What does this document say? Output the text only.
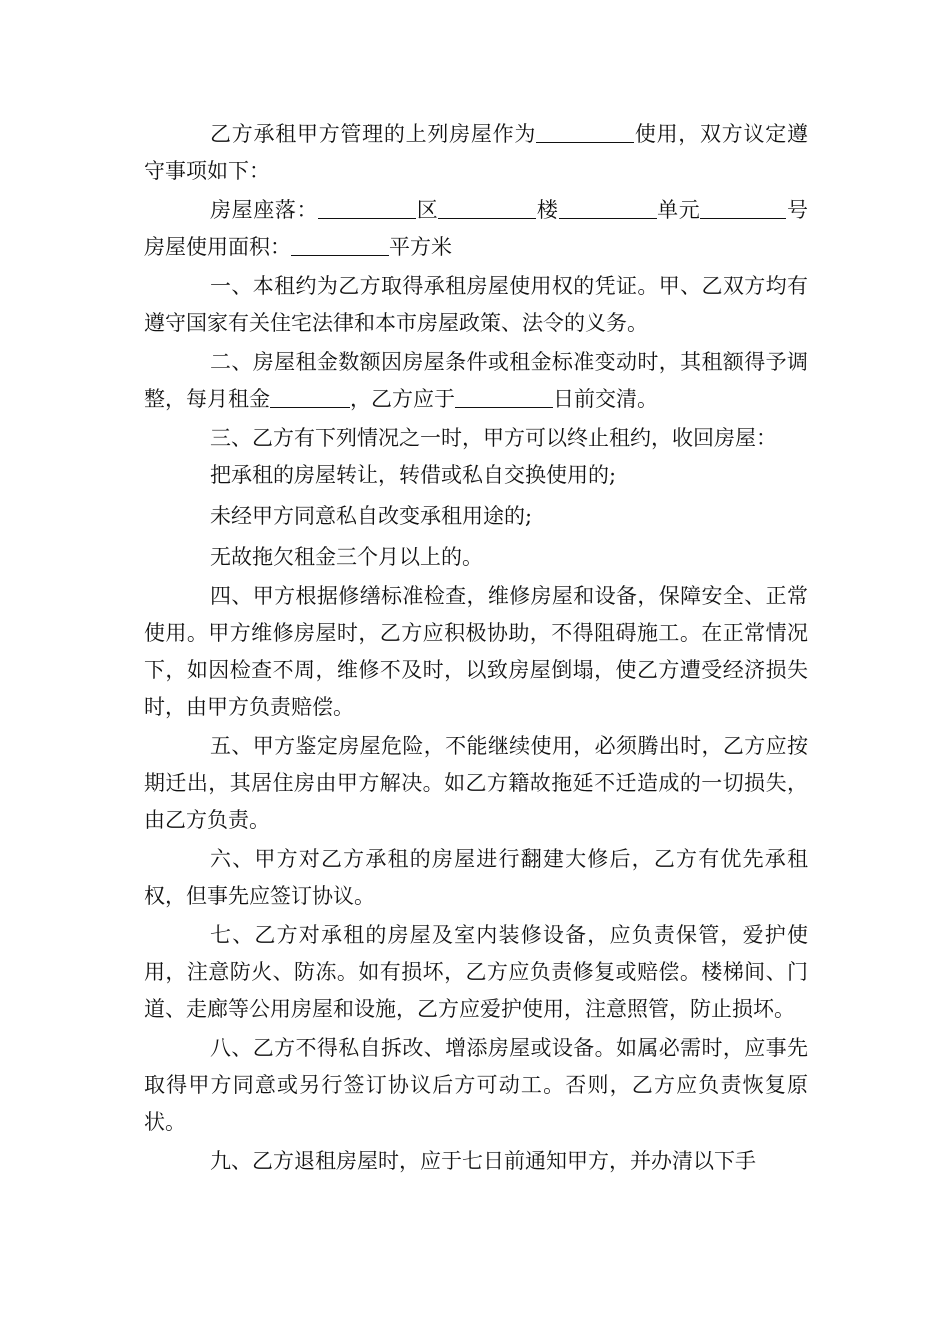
乙方承租甲方管理的上列房屋作为	使用，双方议定遵守事项如下：

房屋座落：	区	楼	单元	号 房屋使用面积：	平方米

一、本租约为乙方取得承租房屋使用权的凭证。甲、乙双方均有遵守国家有关住宅法律和本市房屋政策、法令的义务。

二、房屋租金数额因房屋条件或租金标准变动时，其租额得予调整，每月租金	，乙方应于	日前交清。

三、乙方有下列情况之一时，甲方可以终止租约，收回房屋：

把承租的房屋转让，转借或私自交换使用的;

未经甲方同意私自改变承租用途的;

无故拖欠租金三个月以上的。

四、甲方根据修缮标准检查，维修房屋和设备，保障安全、正常使用。甲方维修房屋时，乙方应积极协助，不得阻碍施工。在正常情况下，如因检查不周，维修不及时，以致房屋倒塌，使乙方遭受经济损失时，由甲方负责赔偿。

五、甲方鉴定房屋危险，不能继续使用，必须腾出时，乙方应按期迁出，其居住房由甲方解决。如乙方籍故拖延不迁造成的一切损失，由乙方负责。

六、甲方对乙方承租的房屋进行翻建大修后，乙方有优先承租权，但事先应签订协议。

七、乙方对承租的房屋及室内装修设备，应负责保管，爱护使用，注意防火、防冻。如有损坏，乙方应负责修复或赔偿。楼梯间、门道、走廊等公用房屋和设施，乙方应爱护使用，注意照管，防止损坏。

八、乙方不得私自拆改、增添房屋或设备。如属必需时，应事先取得甲方同意或另行签订协议后方可动工。否则，乙方应负责恢复原状。

九、乙方退租房屋时，应于七日前通知甲方，并办清以下手
